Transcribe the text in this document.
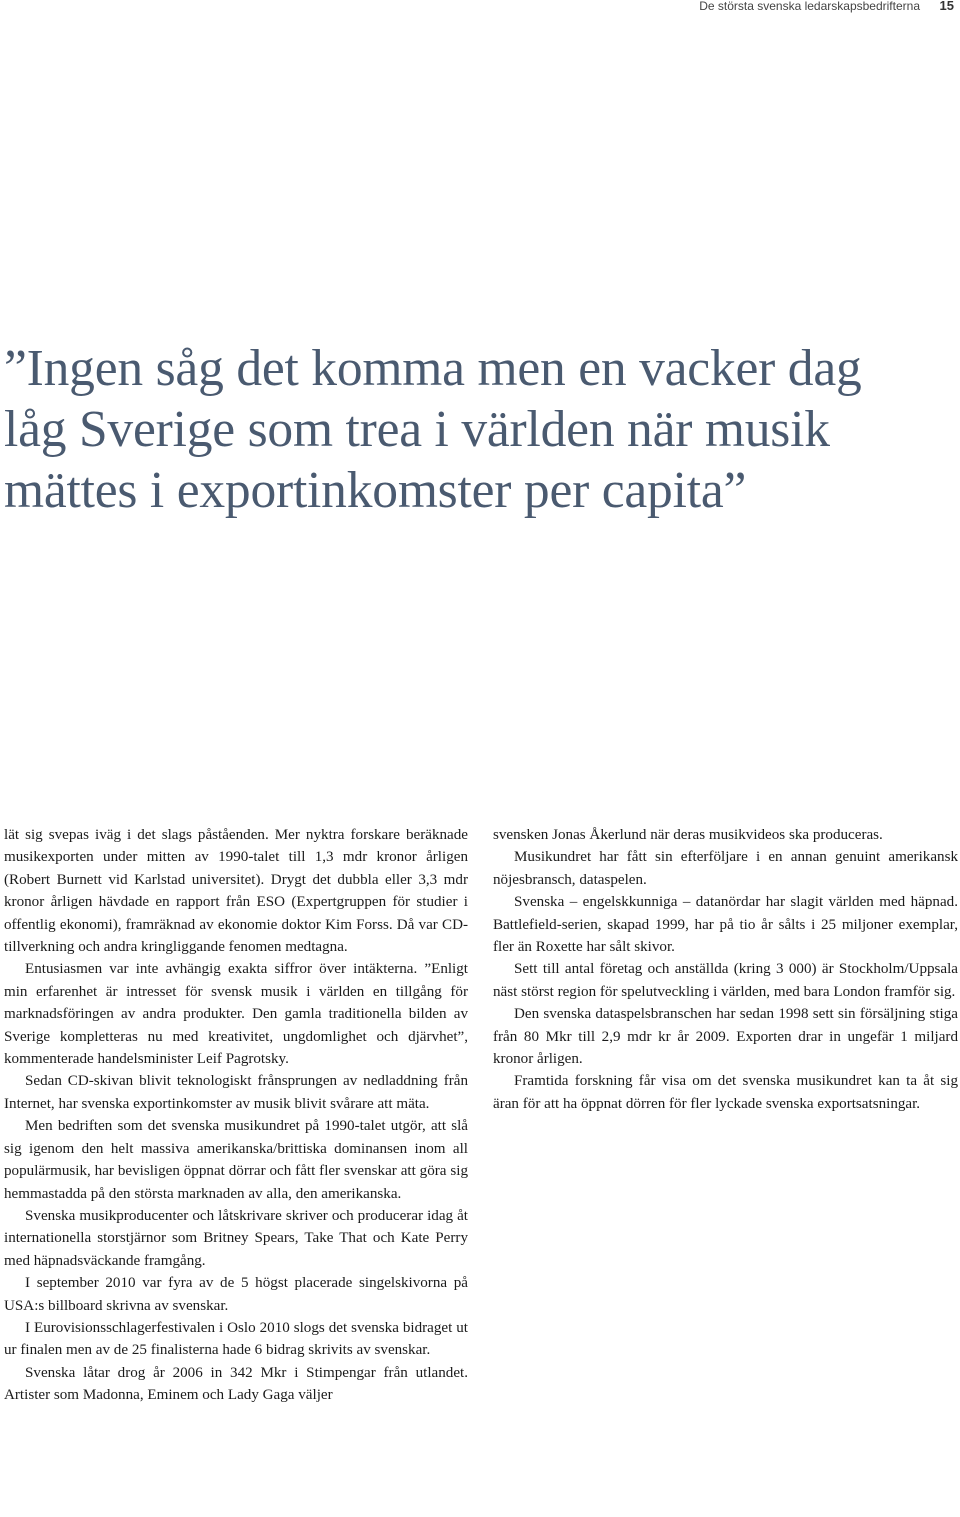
De största svenska ledarskapsbedrifterna 15
”Ingen såg det komma men en vacker dag
låg Sverige som trea i världen när musik
mättes i exportinkomster per capita”

lät sig svepas iväg i det slags påståenden. Mer nyktra forskare beräknade musikexporten under mitten av 1990-talet till 1,3 mdr kronor årligen (Robert Burnett vid Karlstad universitet). Drygt det dubbla eller 3,3 mdr kronor årligen hävdade en rapport från ESO (Expertgruppen för studier i offentlig ekonomi), framräknad av ekonomie doktor Kim Forss. Då var CD-tillverkning och andra kringliggande fenomen medtagna.

Entusiasmen var inte avhängig exakta siffror över intäkterna. ”Enligt min erfarenhet är intresset för svensk musik i världen en tillgång för marknadsföringen av andra produkter. Den gamla traditionella bilden av Sverige kompletteras nu med kreativitet, ungdomlighet och djärvhet”, kommenterade handelsminister Leif Pagrotsky.

Sedan CD-skivan blivit teknologiskt frånsprungen av nedladdning från Internet, har svenska exportinkomster av musik blivit svårare att mäta.

Men bedriften som det svenska musikundret på 1990-talet utgör, att slå sig igenom den helt massiva amerikanska/brittiska dominansen inom all populärmusik, har bevisligen öppnat dörrar och fått fler svenskar att göra sig hemmastadda på den största marknaden av alla, den amerikanska.

Svenska musikproducenter och låtskrivare skriver och producerar idag åt internationella storstjärnor som Britney Spears, Take That och Kate Perry med häpnadsväckande framgång.

I september 2010 var fyra av de 5 högst placerade singelskivorna på USA:s billboard skrivna av svenskar.

I Eurovisionsschlagerfestivalen i Oslo 2010 slogs det svenska bidraget ut ur finalen men av de 25 finalisterna hade 6 bidrag skrivits av svenskar.

Svenska låtar drog år 2006 in 342 Mkr i Stimpengar från utlandet. Artister som Madonna, Eminem och Lady Gaga väljer

svensken Jonas Åkerlund när deras musikvideos ska produceras.

Musikundret har fått sin efterföljare i en annan genuint amerikansk nöjesbransch, dataspelen.

Svenska – engelskkunniga – datanördar har slagit världen med häpnad. Battlefield-serien, skapad 1999, har på tio år sålts i 25 miljoner exemplar, fler än Roxette har sålt skivor.

Sett till antal företag och anställda (kring 3 000) är Stockholm/Uppsala näst störst region för spelutveckling i världen, med bara London framför sig.

Den svenska dataspelsbranschen har sedan 1998 sett sin försäljning stiga från 80 Mkr till 2,9 mdr kr år 2009. Exporten drar in ungefär 1 miljard kronor årligen.

Framtida forskning får visa om det svenska musikundret kan ta åt sig äran för att ha öppnat dörren för fler lyckade svenska exportsatsningar.
